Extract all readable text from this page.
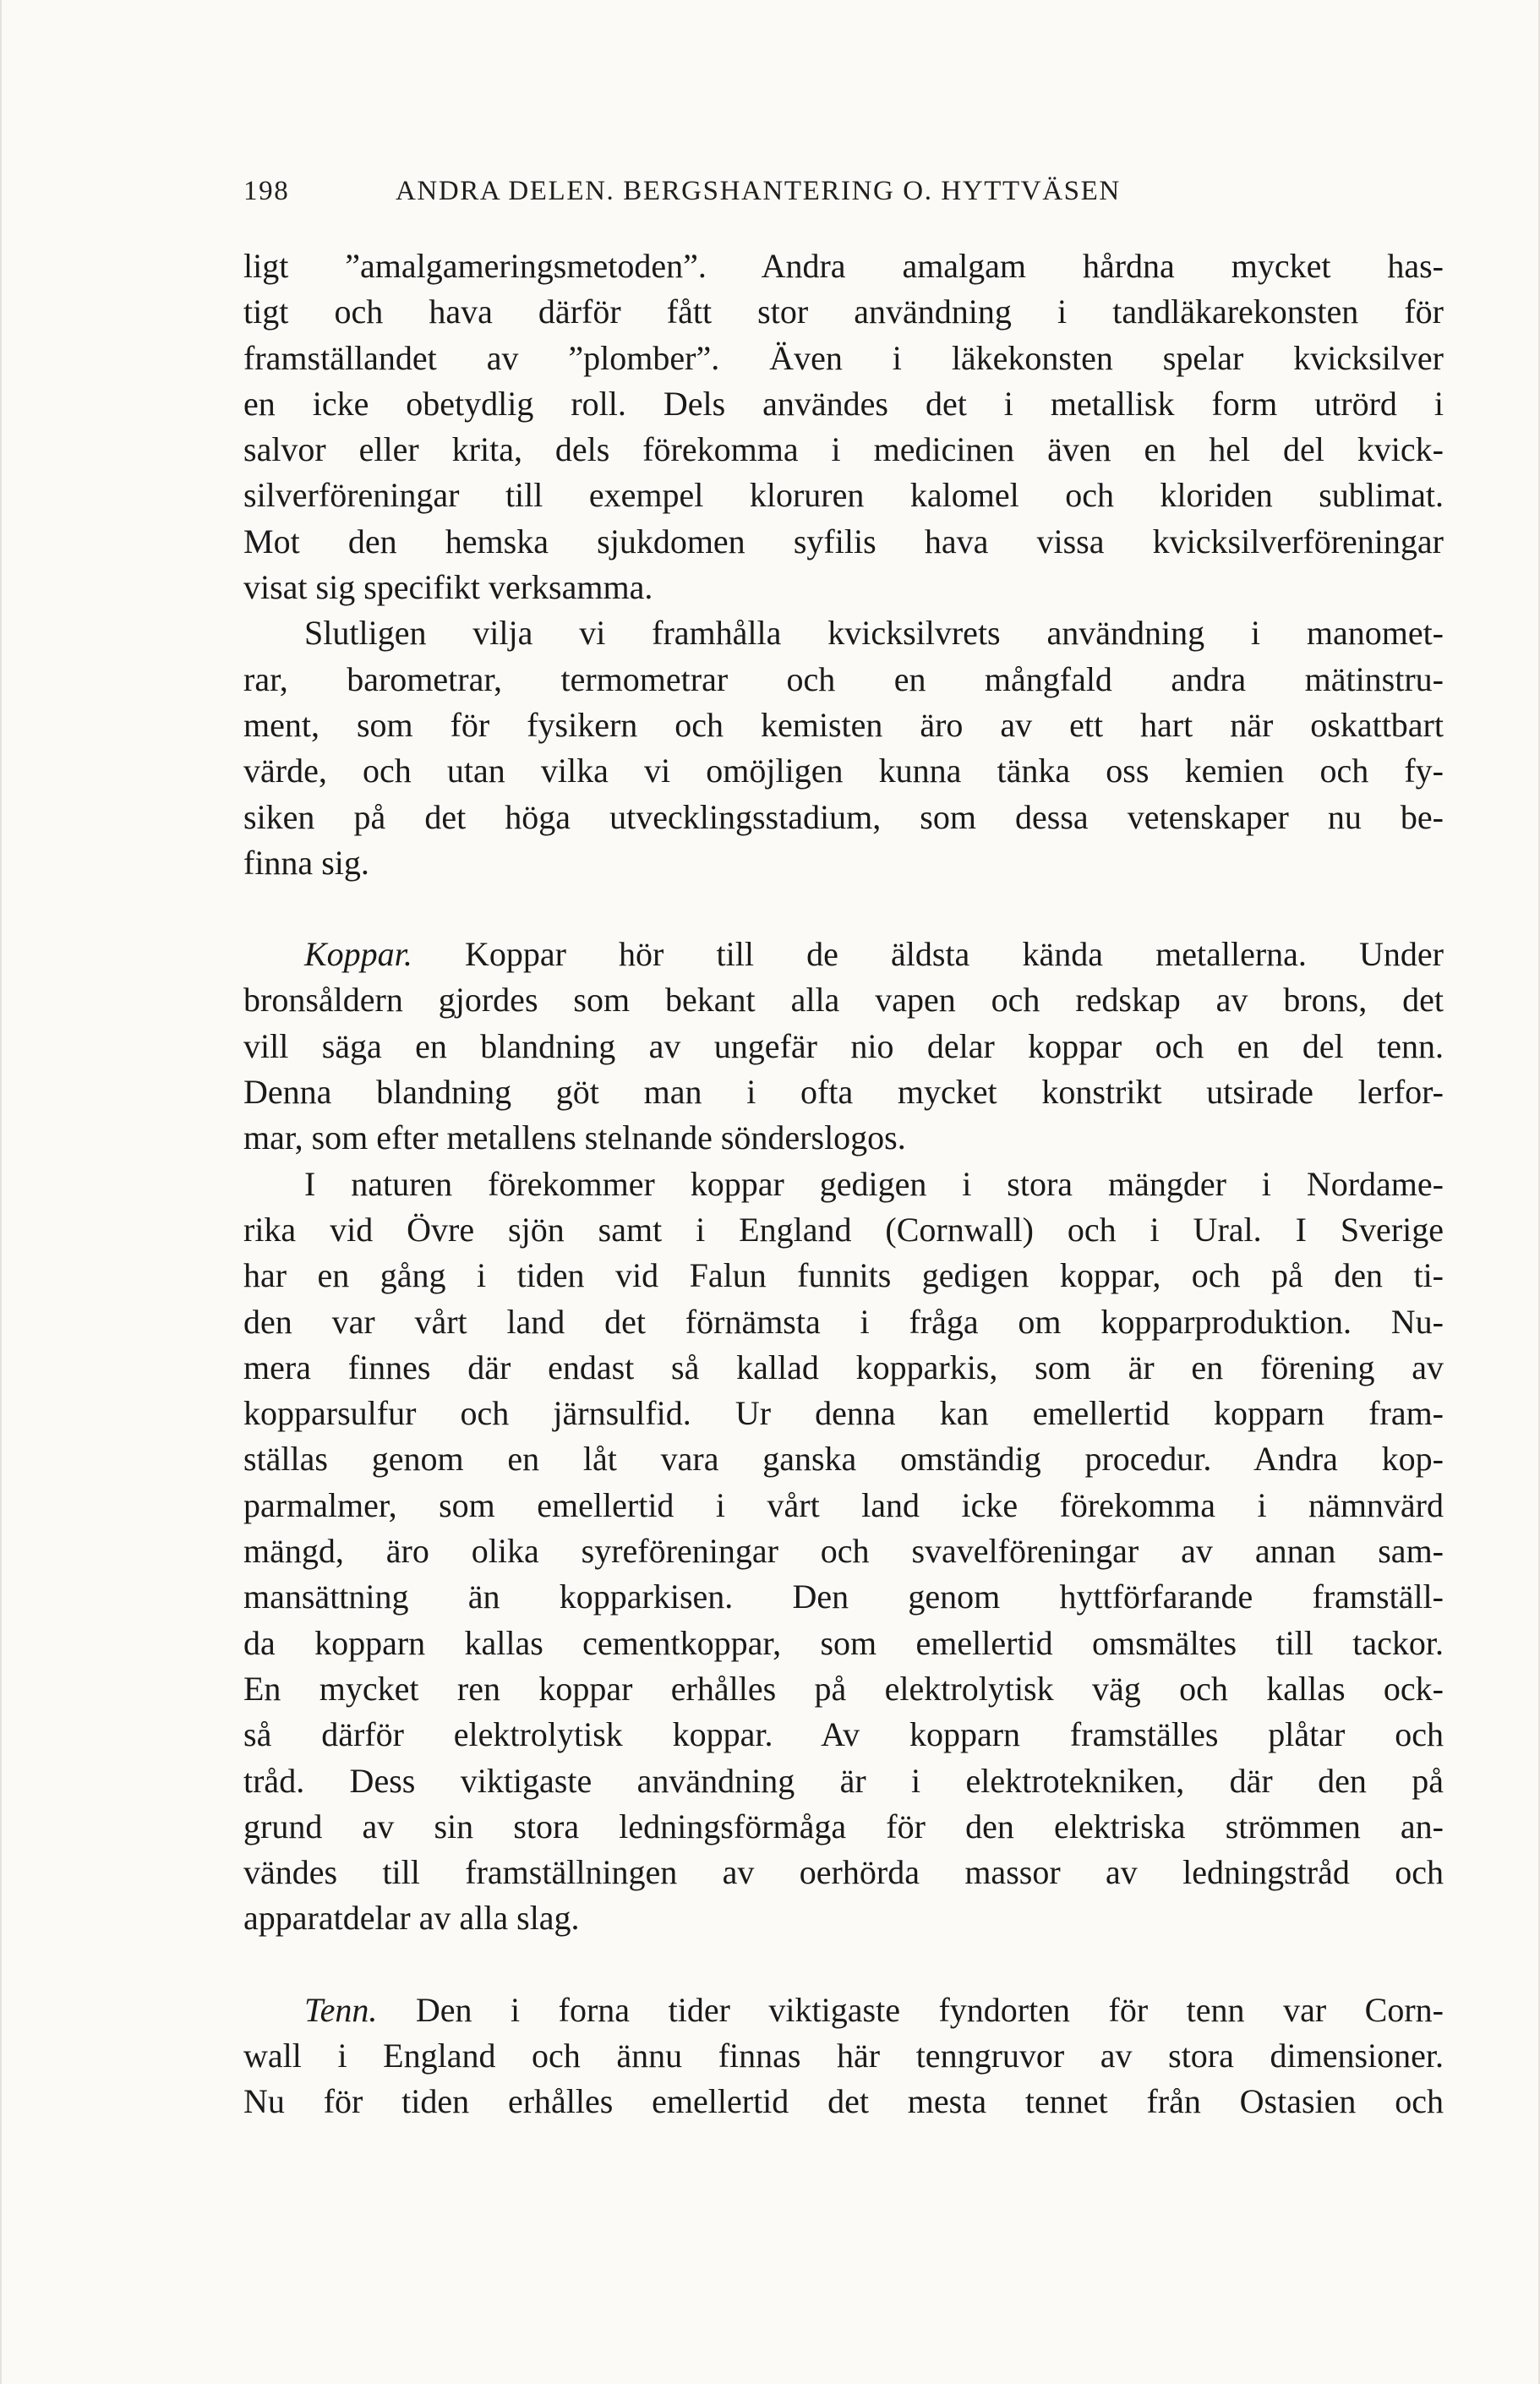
198	ANDRA DELEN. BERGSHANTERING O. HYTTVÄSEN
ligt ”amalgameringsmetoden”. Andra amalgam hårdna mycket has-
tigt och hava därför fått stor användning i tandläkarekonsten för
framställandet av ”plomber”. Även i läkekonsten spelar kvicksilver
en icke obetydlig roll. Dels användes det i metallisk form utrörd i
salvor eller krita, dels förekomma i medicinen även en hel del kvick-
silverföreningar till exempel kloruren kalomel och kloriden sublimat.
Mot den hemska sjukdomen syfilis hava vissa kvicksilverföreningar
visat sig specifikt verksamma.
Slutligen vilja vi framhålla kvicksilvrets användning i manomet-
rar, barometrar, termometrar och en mångfald andra mätinstru-
ment, som för fysikern och kemisten äro av ett hart när oskattbart
värde, och utan vilka vi omöjligen kunna tänka oss kemien och fy-
siken på det höga utvecklingsstadium, som dessa vetenskaper nu be-
finna sig.
Koppar. Koppar hör till de äldsta kända metallerna. Under
bronsåldern gjordes som bekant alla vapen och redskap av brons, det
vill säga en blandning av ungefär nio delar koppar och en del tenn.
Denna blandning göt man i ofta mycket konstrikt utsirade lerfor-
mar, som efter metallens stelnande sönderslogos.
I naturen förekommer koppar gedigen i stora mängder i Nordame-
rika vid Övre sjön samt i England (Cornwall) och i Ural. I Sverige
har en gång i tiden vid Falun funnits gedigen koppar, och på den ti-
den var vårt land det förnämsta i fråga om kopparproduktion. Nu-
mera finnes där endast så kallad kopparkis, som är en förening av
kopparsulfur och järnsulfid. Ur denna kan emellertid kopparn fram-
ställas genom en låt vara ganska omständig procedur. Andra kop-
parmalmer, som emellertid i vårt land icke förekomma i nämnvärd
mängd, äro olika syreföreningar och svavelföreningar av annan sam-
mansättning än kopparkisen. Den genom hyttförfarande framställ-
da kopparn kallas cementkoppar, som emellertid omsmältes till tackor.
En mycket ren koppar erhålles på elektrolytisk väg och kallas ock-
så därför elektrolytisk koppar. Av kopparn framställes plåtar och
tråd. Dess viktigaste användning är i elektrotekniken, där den på
grund av sin stora ledningsförmåga för den elektriska strömmen an-
vändes till framställningen av oerhörda massor av ledningstråd och
apparatdelar av alla slag.
Tenn. Den i forna tider viktigaste fyndorten för tenn var Corn-
wall i England och ännu finnas här tenngruvor av stora dimensioner.
Nu för tiden erhålles emellertid det mesta tennet från Ostasien och
